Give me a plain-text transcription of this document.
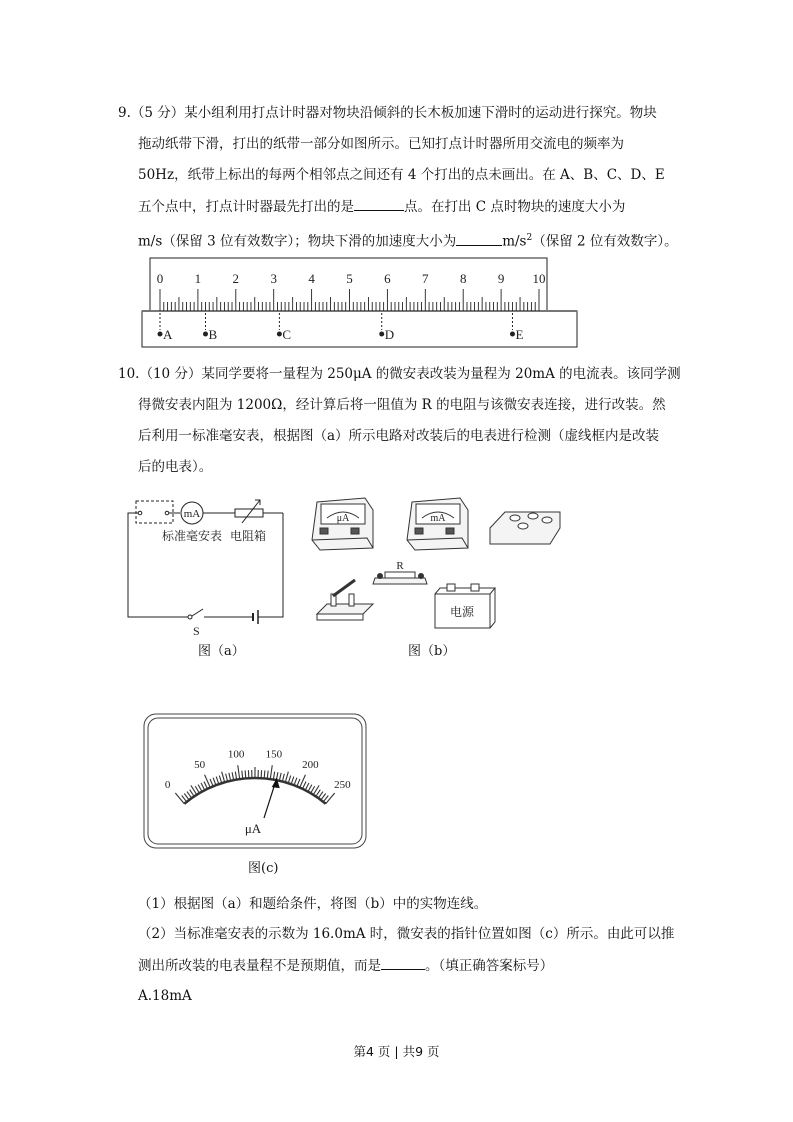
9.（5 分）某小组利用打点计时器对物块沿倾斜的长木板加速下滑时的运动进行探究。物块
拖动纸带下滑，打出的纸带一部分如图所示。已知打点计时器所用交流电的频率为
50Hz，纸带上标出的每两个相邻点之间还有 4 个打出的点未画出。在 A、B、C、D、E
五个点中，打点计时器最先打出的是	点。在打出 C 点时物块的速度大小为
m/s（保留 3 位有效数字）；物块下滑的加速度大小为	$m/s^2$（保留 2 位有效数字）。
0 1 2 3 4 5 6 7 8 9 10
A	B	C	D	E
10.（10 分）某同学要将一量程为 250μA 的微安表改装为量程为 20mA 的电流表。该同学测
得微安表内阻为 1200Ω，经计算后将一阻值为 R 的电阻与该微安表连接，进行改装。然
后利用一标准毫安表，根据图（a）所示电路对改装后的电表进行检测（虚线框内是改装
后的电表）。
mA
标准毫安表 电阻箱
S
图（a）
μA	mA
R
电源
图（b）
0
50
100 150
200
250
μA
图(c)
（1）根据图（a）和题给条件，将图（b）中的实物连线。
（2）当标准毫安表的示数为 16.0mA 时，微安表的指针位置如图（c）所示。由此可以推
测出所改装的电表量程不是预期值，而是	。（填正确答案标号）
A.18mA
第4 页 | 共9 页
